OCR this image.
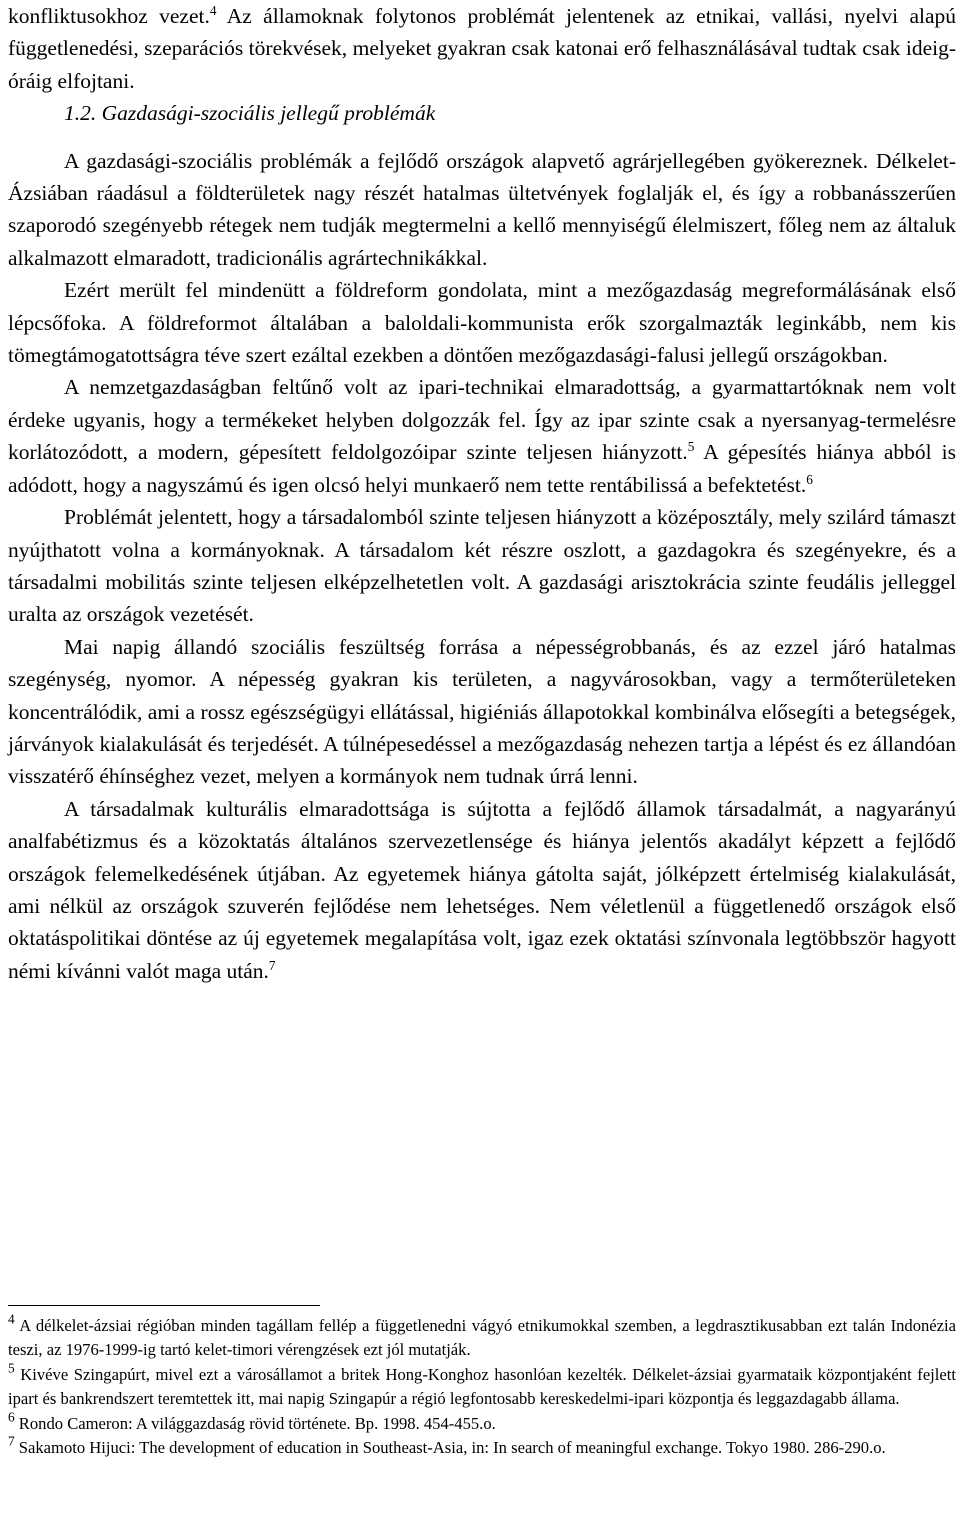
konfliktusokhoz vezet.$^4$ Az államoknak folytonos problémát jelentenek az etnikai, vallási, nyelvi alapú függetlenedési, szeparációs törekvések, melyeket gyakran csak katonai erő felhasználásával tudtak csak ideig-óráig elfojtani.

1.2. Gazdasági-szociális jellegű problémák

A gazdasági-szociális problémák a fejlődő országok alapvető agrárjellegében gyökereznek. Délkelet-Ázsiában ráadásul a földterületek nagy részét hatalmas ültetvények foglalják el, és így a robbanásszerűen szaporodó szegényebb rétegek nem tudják megtermelni a kellő mennyiségű élelmiszert, főleg nem az általuk alkalmazott elmaradott, tradicionális agrártechnikákkal.

Ezért merült fel mindenütt a földreform gondolata, mint a mezőgazdaság megreformálásának első lépcsőfoka. A földreformot általában a baloldali-kommunista erők szorgalmazták leginkább, nem kis tömegtámogatottságra téve szert ezáltal ezekben a döntően mezőgazdasági-falusi jellegű országokban.

A nemzetgazdaságban feltűnő volt az ipari-technikai elmaradottság, a gyarmattartóknak nem volt érdeke ugyanis, hogy a termékeket helyben dolgozzák fel. Így az ipar szinte csak a nyersanyag-termelésre korlátozódott, a modern, gépesített feldolgozóipar szinte teljesen hiányzott.$^5$ A gépesítés hiánya abból is adódott, hogy a nagyszámú és igen olcsó helyi munkaerő nem tette rentábilissá a befektetést.$^6$

Problémát jelentett, hogy a társadalomból szinte teljesen hiányzott a középosztály, mely szilárd támaszt nyújthatott volna a kormányoknak. A társadalom két részre oszlott, a gazdagokra és szegényekre, és a társadalmi mobilitás szinte teljesen elképzelhetetlen volt. A gazdasági arisztokrácia szinte feudális jelleggel uralta az országok vezetését.

Mai napig állandó szociális feszültség forrása a népességrobbanás, és az ezzel járó hatalmas szegénység, nyomor. A népesség gyakran kis területen, a nagyvárosokban, vagy a termőterületeken koncentrálódik, ami a rossz egészségügyi ellátással, higiéniás állapotokkal kombinálva elősegíti a betegségek, járványok kialakulását és terjedését. A túlnépesedéssel a mezőgazdaság nehezen tartja a lépést és ez állandóan visszatérő éhínséghez vezet, melyen a kormányok nem tudnak úrrá lenni.

A társadalmak kulturális elmaradottsága is sújtotta a fejlődő államok társadalmát, a nagyarányú analfabétizmus és a közoktatás általános szervezetlensége és hiánya jelentős akadályt képzett a fejlődő országok felemelkedésének útjában. Az egyetemek hiánya gátolta saját, jólképzett értelmiség kialakulását, ami nélkül az országok szuverén fejlődése nem lehetséges. Nem véletlenül a függetlenedő országok első oktatáspolitikai döntése az új egyetemek megalapítása volt, igaz ezek oktatási színvonala legtöbbször hagyott némi kívánni valót maga után.$^7$

$^4$ A délkelet-ázsiai régióban minden tagállam fellép a függetlenedni vágyó etnikumokkal szemben, a legdrasztikusabban ezt talán Indonézia teszi, az 1976-1999-ig tartó kelet-timori vérengzések ezt jól mutatják.

$^5$ Kivéve Szingapúrt, mivel ezt a városállamot a britek Hong-Konghoz hasonlóan kezelték. Délkelet-ázsiai gyarmataik központjaként fejlett ipart és bankrendszert teremtettek itt, mai napig Szingapúr a régió legfontosabb kereskedelmi-ipari központja és leggazdagabb állama.

$^6$ Rondo Cameron: A világgazdaság rövid története. Bp. 1998. 454-455.o.

$^7$ Sakamoto Hijuci: The development of education in Southeast-Asia, in: In search of meaningful exchange. Tokyo 1980. 286-290.o.
